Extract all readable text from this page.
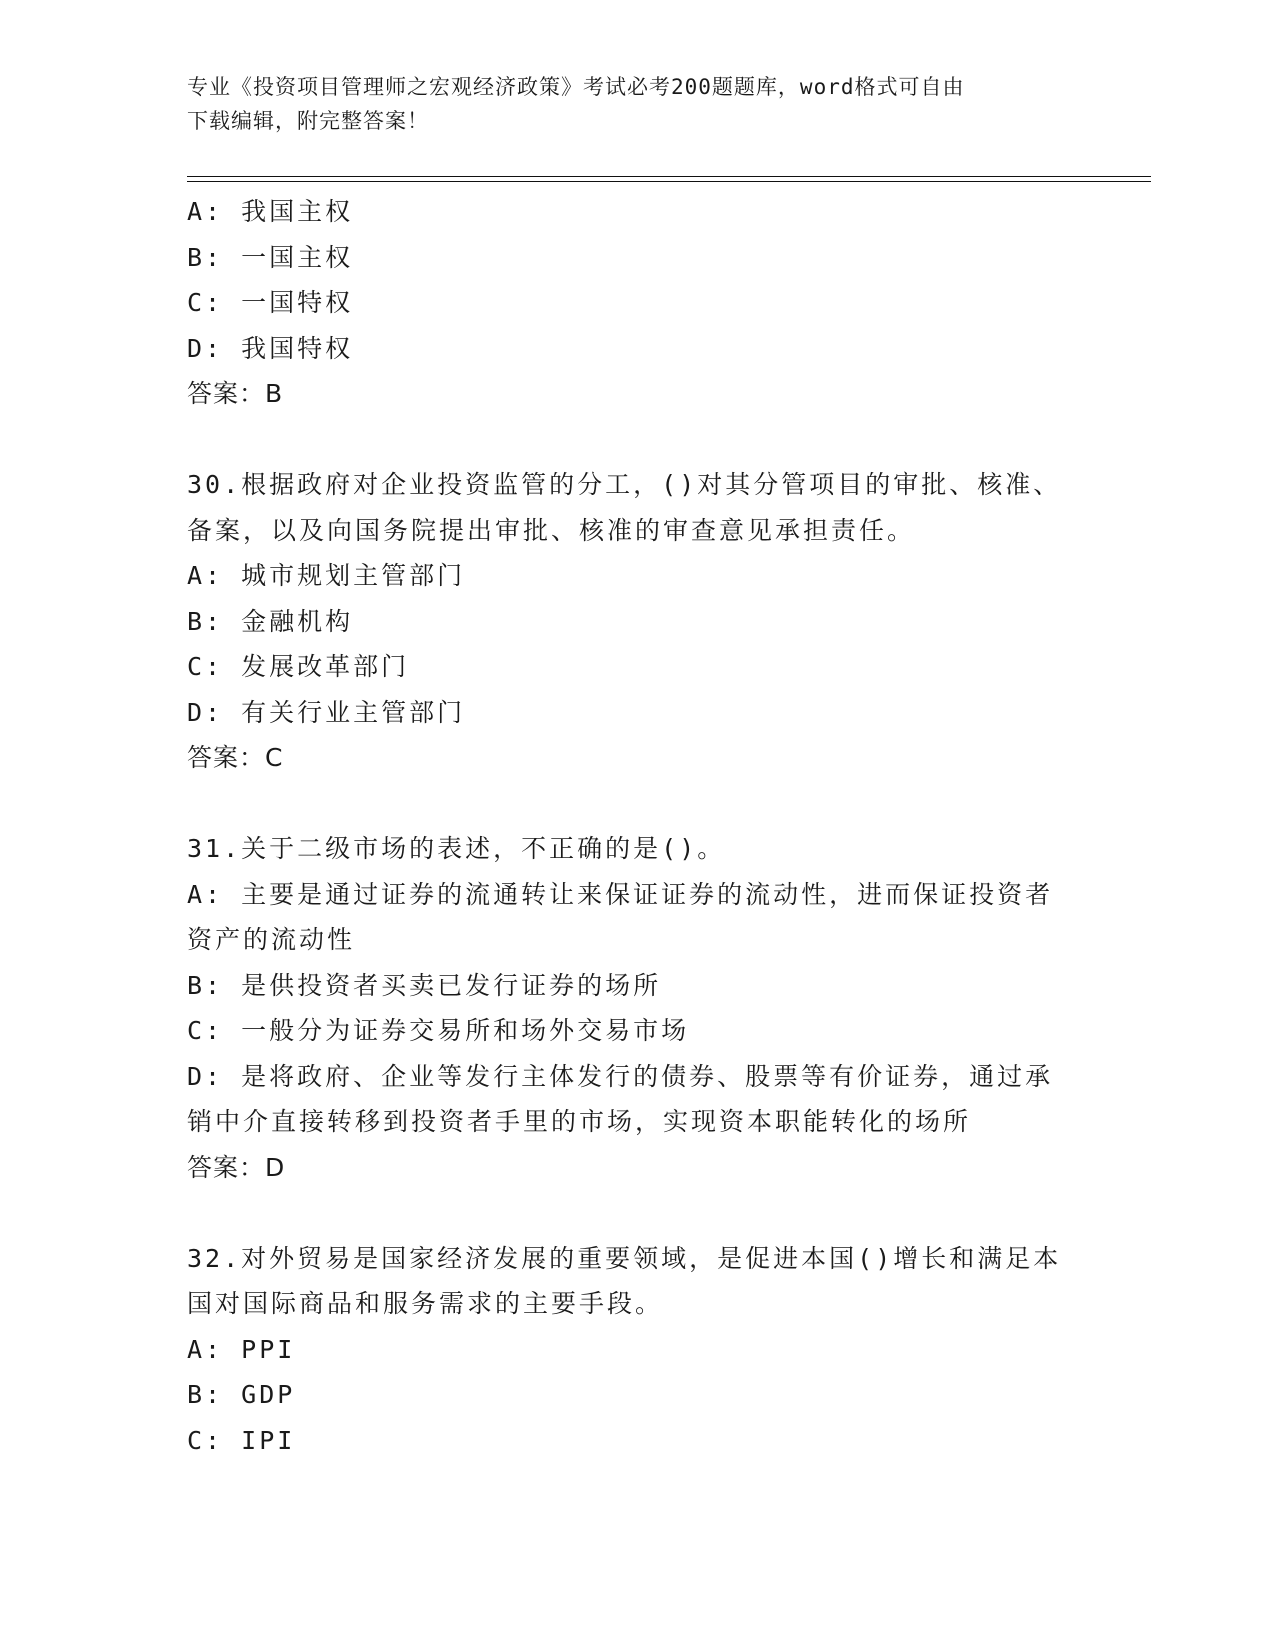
专业《投资项目管理师之宏观经济政策》考试必考200题题库，word格式可自由
下载编辑，附完整答案！
A: 我国主权
B: 一国主权
C: 一国特权
D: 我国特权
答案：B
30.根据政府对企业投资监管的分工，()对其分管项目的审批、核准、
备案，以及向国务院提出审批、核准的审查意见承担责任。
A: 城市规划主管部门
B: 金融机构
C: 发展改革部门
D: 有关行业主管部门
答案：C
31.关于二级市场的表述，不正确的是()。
A: 主要是通过证券的流通转让来保证证券的流动性，进而保证投资者
资产的流动性
B: 是供投资者买卖已发行证券的场所
C: 一般分为证券交易所和场外交易市场
D: 是将政府、企业等发行主体发行的债券、股票等有价证券，通过承
销中介直接转移到投资者手里的市场，实现资本职能转化的场所
答案：D
32.对外贸易是国家经济发展的重要领域，是促进本国()增长和满足本
国对国际商品和服务需求的主要手段。
A: PPI
B: GDP
C: IPI
